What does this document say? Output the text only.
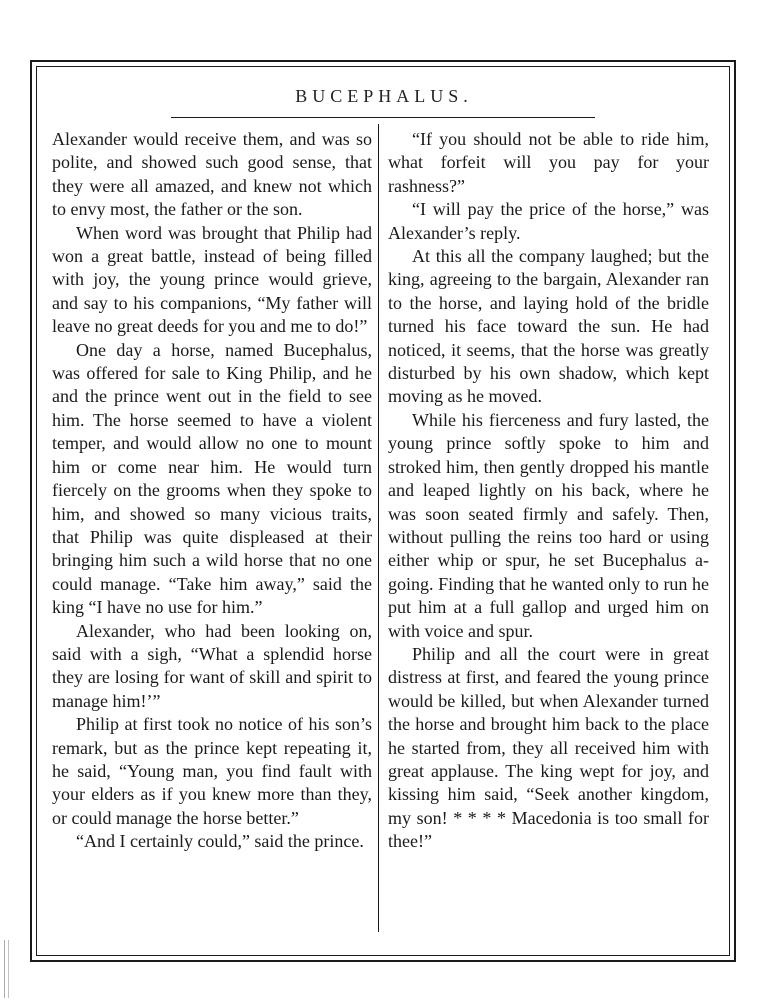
BUCEPHALUS.

Alexander would receive them, and was so polite, and showed such good sense, that they were all amazed, and knew not which to envy most, the father or the son.

When word was brought that Philip had won a great battle, instead of being filled with joy, the young prince would grieve, and say to his companions, “My father will leave no great deeds for you and me to do!”

One day a horse, named Bucephalus, was offered for sale to King Philip, and he and the prince went out in the field to see him. The horse seemed to have a violent temper, and would allow no one to mount him or come near him. He would turn fiercely on the grooms when they spoke to him, and showed so many vicious traits, that Philip was quite displeased at their bringing him such a wild horse that no one could manage. “Take him away,” said the king “I have no use for him.”

Alexander, who had been looking on, said with a sigh, “What a splendid horse they are losing for want of skill and spirit to manage him!’”

Philip at first took no notice of his son’s remark, but as the prince kept repeating it, he said, “Young man, you find fault with your elders as if you knew more than they, or could manage the horse better.”

“And I certainly could,” said the prince.

“If you should not be able to ride him, what forfeit will you pay for your rashness?”

“I will pay the price of the horse,” was Alexander’s reply.

At this all the company laughed; but the king, agreeing to the bargain, Alexander ran to the horse, and laying hold of the bridle turned his face toward the sun. He had noticed, it seems, that the horse was greatly disturbed by his own shadow, which kept moving as he moved.

While his fierceness and fury lasted, the young prince softly spoke to him and stroked him, then gently dropped his mantle and leaped lightly on his back, where he was soon seated firmly and safely. Then, without pulling the reins too hard or using either whip or spur, he set Bucephalus a-going. Finding that he wanted only to run he put him at a full gallop and urged him on with voice and spur.

Philip and all the court were in great distress at first, and feared the young prince would be killed, but when Alexander turned the horse and brought him back to the place he started from, they all received him with great applause. The king wept for joy, and kissing him said, “Seek another kingdom, my son! * * * * Macedonia is too small for thee!”
